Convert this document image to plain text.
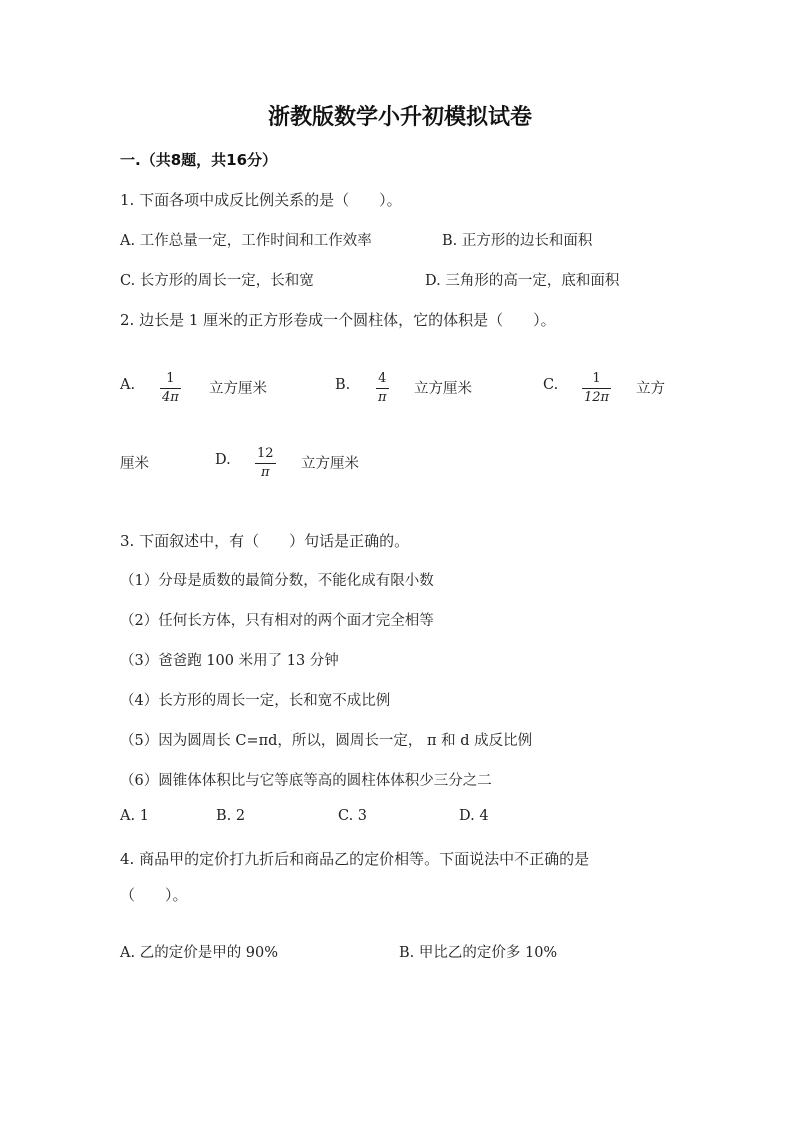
浙教版数学小升初模拟试卷
一.（共8题，共16分）
1. 下面各项中成反比例关系的是（　　）。
A. 工作总量一定，工作时间和工作效率	B. 正方形的边长和面积
C. 长方形的周长一定，长和宽	D. 三角形的高一定，底和面积
2. 边长是 1 厘米的正方形卷成一个圆柱体，它的体积是（　　）。
A. 1
4π
立方厘米	B. 4
π
立方厘米	C.	1
12π
立方
厘米	D. 12
π
立方厘米
3. 下面叙述中，有（　　）句话是正确的。
（1）分母是质数的最简分数，不能化成有限小数
（2）任何长方体，只有相对的两个面才完全相等
（3）爸爸跑 100 米用了 13 分钟
（4）长方形的周长一定，长和宽不成比例
（5）因为圆周长 C=πd，所以，圆周长一定， π 和 d 成反比例
（6）圆锥体体积比与它等底等高的圆柱体体积少三分之二
A. 1	B. 2	C. 3	D. 4
4. 商品甲的定价打九折后和商品乙的定价相等。下面说法中不正确的是
（　　）。
A. 乙的定价是甲的 90%	B. 甲比乙的定价多 10%
